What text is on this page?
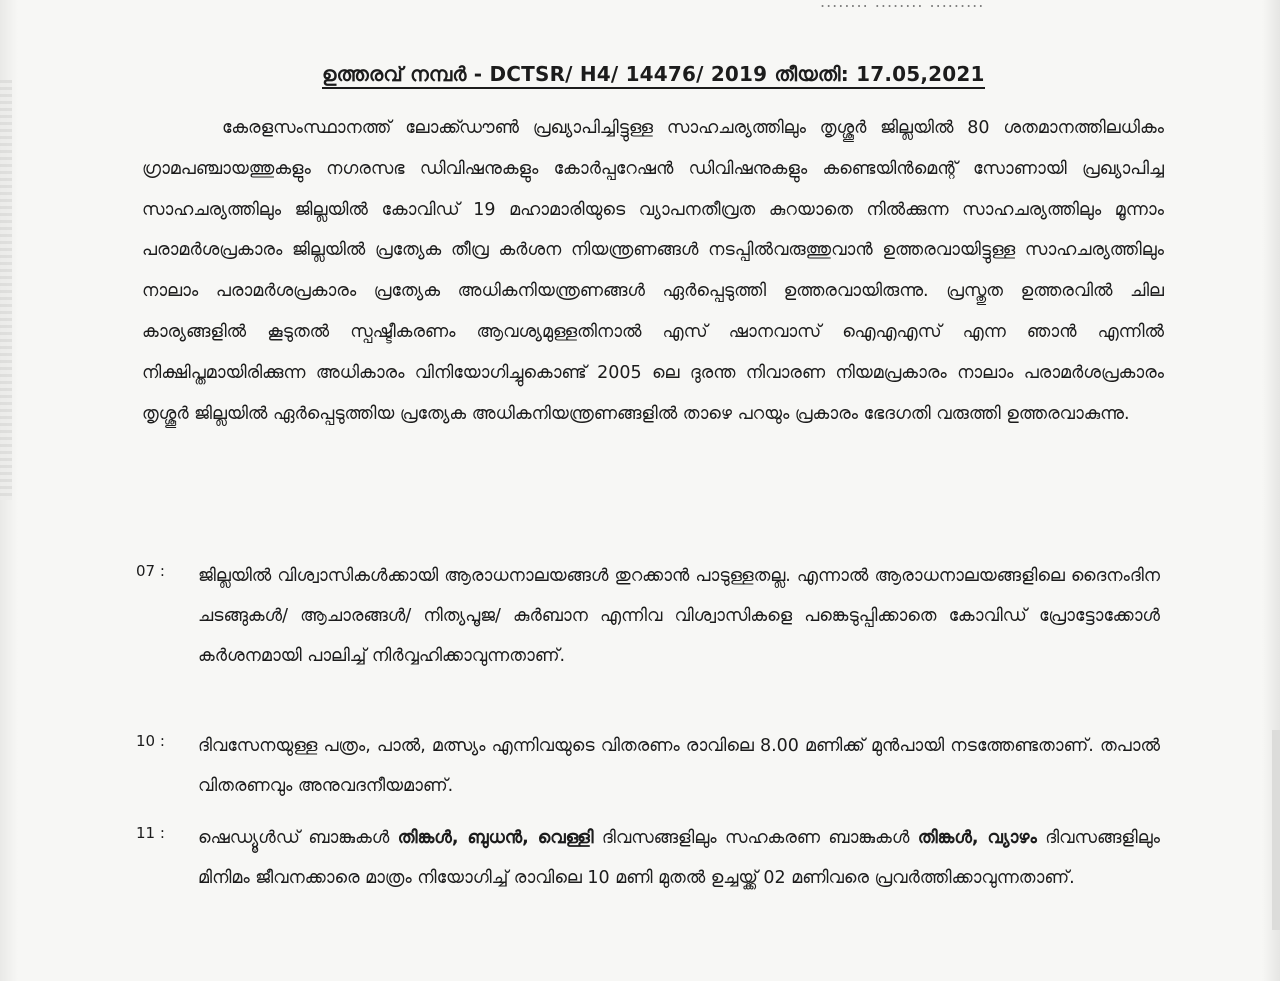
........ ........ .........
ഉത്തരവ് നമ്പർ - DCTSR/ H4/ 14476/ 2019 തീയതി: 17.05,2021

കേരളസംസ്ഥാനത്ത് ലോക്ക്ഡൗൺ പ്രഖ്യാപിച്ചിട്ടുള്ള സാഹചര്യത്തിലും തൃശ്ശൂർ ജില്ലയിൽ 80 ശതമാനത്തിലധികം ഗ്രാമപഞ്ചായത്തുകളും നഗരസഭ ഡിവിഷനുകളും കോർപ്പറേഷൻ ഡിവിഷനുകളും കണ്ടെയിൻമെന്റ് സോണായി പ്രഖ്യാപിച്ച സാഹചര്യത്തിലും ജില്ലയിൽ കോവിഡ് 19 മഹാമാരിയുടെ വ്യാപനതീവ്രത കുറയാതെ നിൽക്കുന്ന സാഹചര്യത്തിലും മൂന്നാം പരാമർശപ്രകാരം ജില്ലയിൽ പ്രത്യേക തീവ്ര കർശന നിയന്ത്രണങ്ങൾ നടപ്പിൽവരുത്തുവാൻ ഉത്തരവായിട്ടുള്ള സാഹചര്യത്തിലും നാലാം പരാമർശപ്രകാരം പ്രത്യേക അധികനിയന്ത്രണങ്ങൾ ഏർപ്പെടുത്തി ഉത്തരവായിരുന്നു. പ്രസ്തുത ഉത്തരവിൽ ചില കാര്യങ്ങളിൽ കൂടുതൽ സ്പഷ്ടീകരണം ആവശ്യമുള്ളതിനാൽ എസ് ഷാനവാസ് ഐഎഎസ് എന്ന ഞാൻ എന്നിൽ നിക്ഷിപ്തമായിരിക്കുന്ന അധികാരം വിനിയോഗിച്ചുകൊണ്ട് 2005 ലെ ദുരന്ത നിവാരണ നിയമപ്രകാരം നാലാം പരാമർശപ്രകാരം തൃശ്ശൂർ ജില്ലയിൽ ഏർപ്പെടുത്തിയ പ്രത്യേക അധികനിയന്ത്രണങ്ങളിൽ താഴെ പറയും പ്രകാരം ഭേദഗതി വരുത്തി ഉത്തരവാകുന്നു.

07 : ജില്ലയിൽ വിശ്വാസികൾക്കായി ആരാധനാലയങ്ങൾ തുറക്കാൻ പാടുള്ളതല്ല. എന്നാൽ ആരാധനാലയങ്ങളിലെ ദൈനംദിന ചടങ്ങുകൾ/ ആചാരങ്ങൾ/ നിത്യപൂജ/ കുർബാന എന്നിവ വിശ്വാസികളെ പങ്കെടുപ്പിക്കാതെ കോവിഡ് പ്രോട്ടോക്കോൾ കർശനമായി പാലിച്ച് നിർവ്വഹിക്കാവുന്നതാണ്.

10 : ദിവസേനയുള്ള പത്രം, പാൽ, മത്സ്യം എന്നിവയുടെ വിതരണം രാവിലെ 8.00 മണിക്ക് മുൻപായി നടത്തേണ്ടതാണ്. തപാൽ വിതരണവും അനുവദനീയമാണ്.

11 : ഷെഡ്യൂൾഡ് ബാങ്കുകൾ തിങ്കൾ, ബുധൻ, വെള്ളി ദിവസങ്ങളിലും സഹകരണ ബാങ്കുകൾ തിങ്കൾ, വ്യാഴം ദിവസങ്ങളിലും മിനിമം ജീവനക്കാരെ മാത്രം നിയോഗിച്ച് രാവിലെ 10 മണി മുതൽ ഉച്ചയ്ക്ക് 02 മണിവരെ പ്രവർത്തിക്കാവുന്നതാണ്.
